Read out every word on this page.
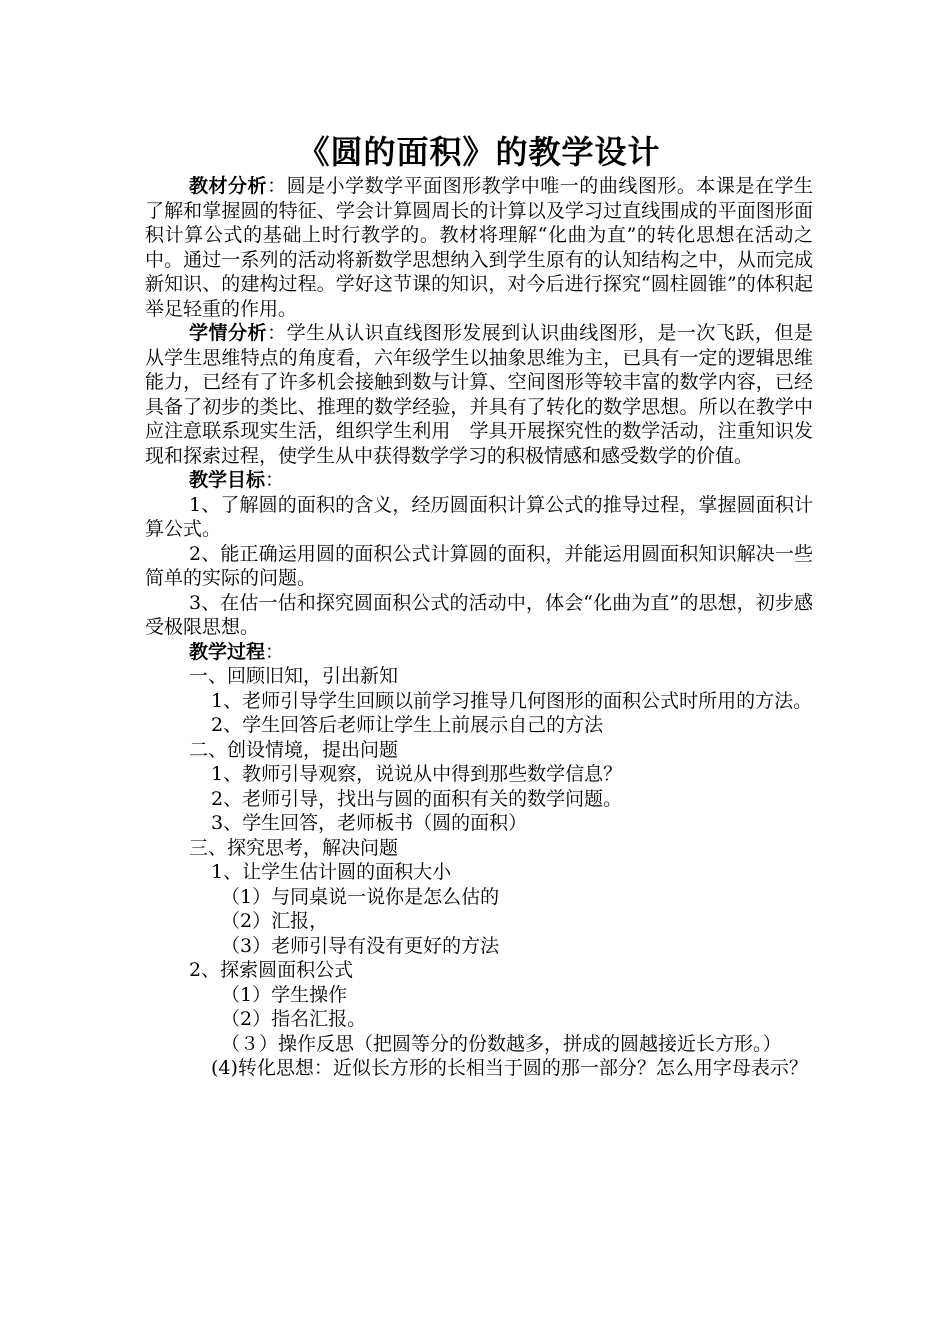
《圆的面积》的教学设计

教材分析：圆是小学数学平面图形教学中唯一的曲线图形。本课是在学生了解和掌握圆的特征、学会计算圆周长的计算以及学习过直线围成的平面图形面积计算公式的基础上时行教学的。教材将理解“化曲为直”的转化思想在活动之中。通过一系列的活动将新数学思想纳入到学生原有的认知结构之中，从而完成新知识、的建构过程。学好这节课的知识，对今后进行探究“圆柱圆锥”的体积起举足轻重的作用。

学情分析：学生从认识直线图形发展到认识曲线图形，是一次飞跃，但是从学生思维特点的角度看，六年级学生以抽象思维为主，已具有一定的逻辑思维能力，已经有了许多机会接触到数与计算、空间图形等较丰富的数学内容，已经具备了初步的类比、推理的数学经验，并具有了转化的数学思想。所以在教学中应注意联系现实生活，组织学生利用　学具开展探究性的数学活动，注重知识发现和探索过程，使学生从中获得数学学习的积极情感和感受数学的价值。

教学目标：

1、了解圆的面积的含义，经历圆面积计算公式的推导过程，掌握圆面积计算公式。

2、能正确运用圆的面积公式计算圆的面积，并能运用圆面积知识解决一些简单的实际的问题。

3、在估一估和探究圆面积公式的活动中，体会“化曲为直”的思想，初步感受极限思想。

教学过程：

一、回顾旧知，引出新知

1、老师引导学生回顾以前学习推导几何图形的面积公式时所用的方法。

2、学生回答后老师让学生上前展示自己的方法

二、创设情境，提出问题

1、教师引导观察，说说从中得到那些数学信息？

2、老师引导，找出与圆的面积有关的数学问题。

3、学生回答，老师板书（圆的面积）

三、探究思考，解决问题

1、让学生估计圆的面积大小

（1）与同桌说一说你是怎么估的

（2）汇报，

（3）老师引导有没有更好的方法

2、探索圆面积公式

（1）学生操作

（2）指名汇报。

（３）操作反思（把圆等分的份数越多，拼成的圆越接近长方形。）

(4)转化思想：近似长方形的长相当于圆的那一部分？怎么用字母表示？
